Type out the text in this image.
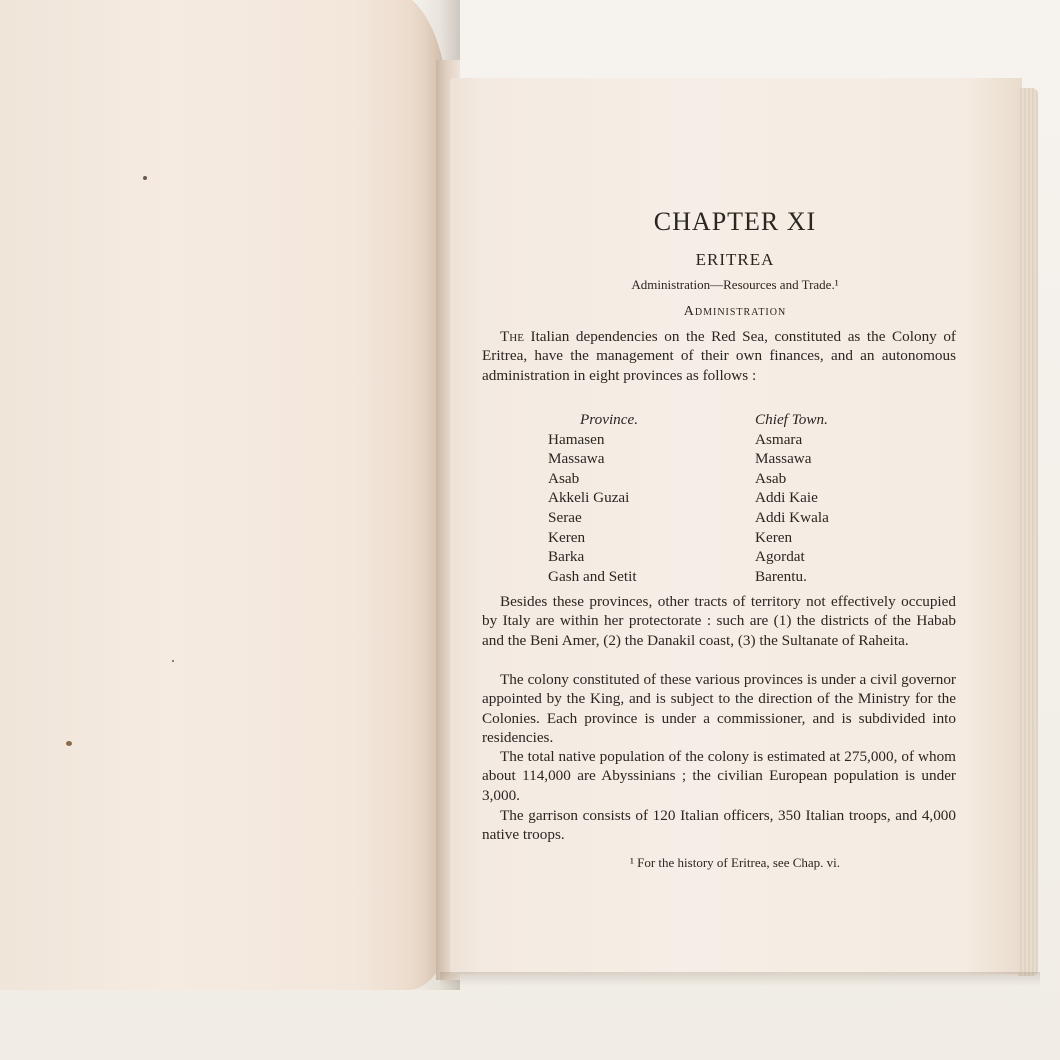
CHAPTER XI
ERITREA
Administration—Resources and Trade.¹
Administration
The Italian dependencies on the Red Sea, constituted as the Colony of Eritrea, have the management of their own finances, and an autonomous administration in eight provinces as follows :
Province.	Chief Town.
Hamasen	Asmara
Massawa	Massawa
Asab	Asab
Akkeli Guzai	Addi Kaie
Serae	Addi Kwala
Keren	Keren
Barka	Agordat
Gash and Setit	Barentu.
Besides these provinces, other tracts of territory not effectively occupied by Italy are within her protectorate : such are (1) the districts of the Habab and the Beni Amer, (2) the Danakil coast, (3) the Sultanate of Raheita.
The colony constituted of these various provinces is under a civil governor appointed by the King, and is subject to the direction of the Ministry for the Colonies. Each province is under a commissioner, and is subdivided into residencies.
The total native population of the colony is estimated at 275,000, of whom about 114,000 are Abyssinians ; the civilian European population is under 3,000.
The garrison consists of 120 Italian officers, 350 Italian troops, and 4,000 native troops.
¹ For the history of Eritrea, see Chap. vi.
